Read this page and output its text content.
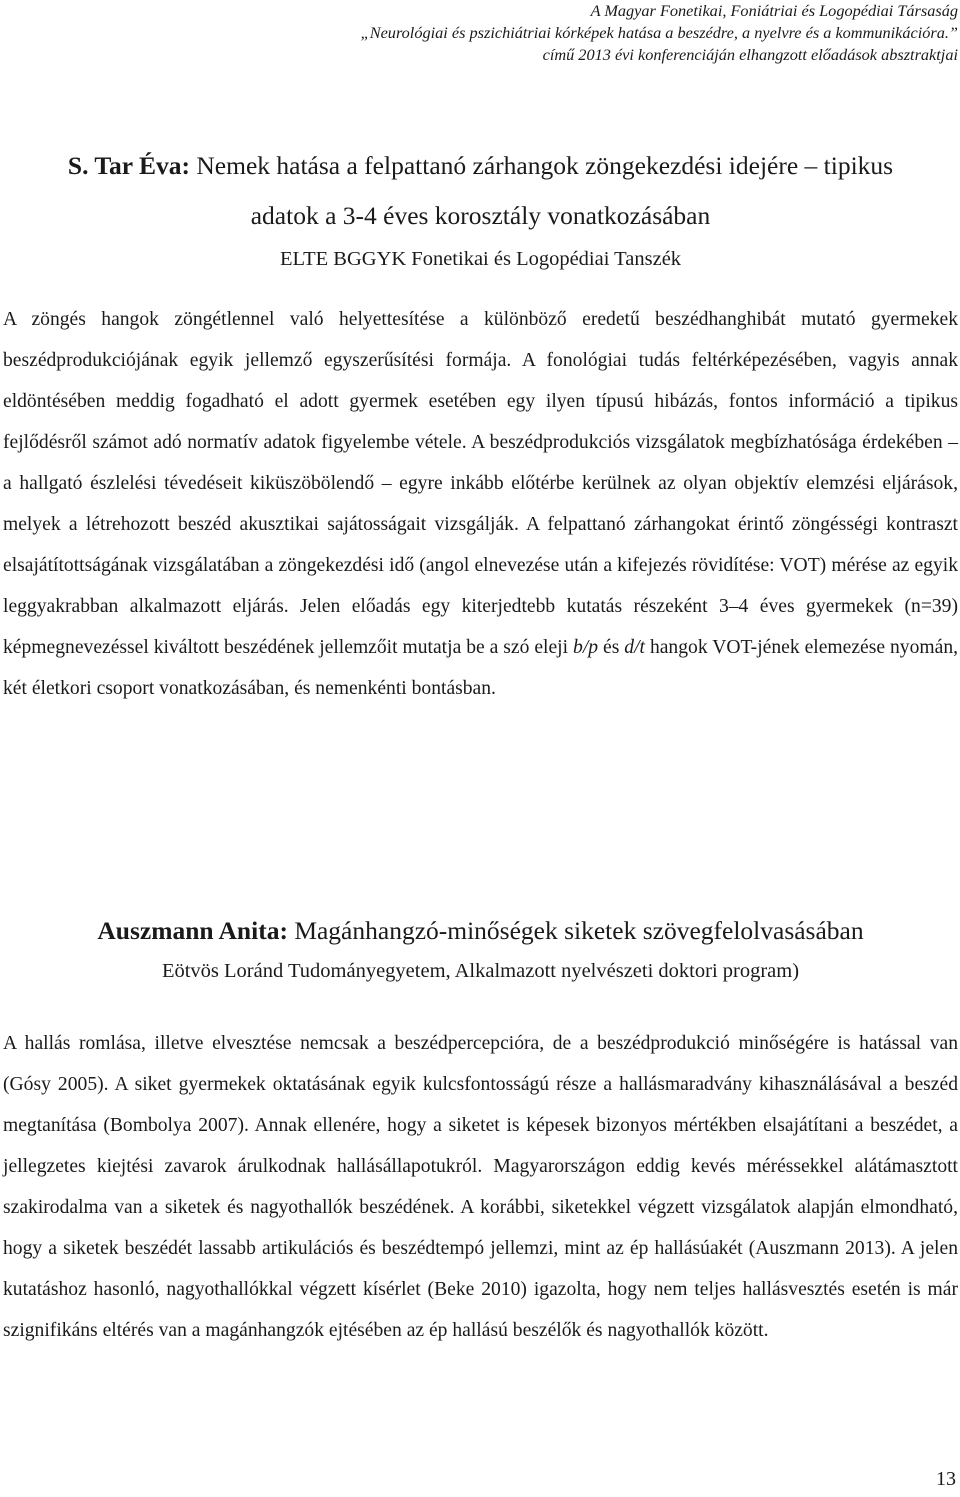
A Magyar Fonetikai, Foniátriai és Logopédiai Társaság
„Neurológiai és pszichiátriai kórképek hatása a beszédre, a nyelvre és a kommunikációra.”
című 2013 évi konferenciáján elhangzott előadások absztraktjai
S. Tar Éva: Nemek hatása a felpattanó zárhangok zöngekezdési idejére – tipikus
adatok a 3-4 éves korosztály vonatkozásában
ELTE BGGYK Fonetikai és Logopédiai Tanszék

A zöngés hangok zöngétlennel való helyettesítése a különböző eredetű beszédhanghibát mutató gyermekek beszédprodukciójának egyik jellemző egyszerűsítési formája. A fonológiai tudás feltérképezésében, vagyis annak eldöntésében meddig fogadható el adott gyermek esetében egy ilyen típusú hibázás, fontos információ a tipikus fejlődésről számot adó normatív adatok figyelembe vétele. A beszédprodukciós vizsgálatok megbízhatósága érdekében – a hallgató észlelési tévedéseit kiküszöbölendő – egyre inkább előtérbe kerülnek az olyan objektív elemzési eljárások, melyek a létrehozott beszéd akusztikai sajátosságait vizsgálják. A felpattanó zárhangokat érintő zöngésségi kontraszt elsajátítottságának vizsgálatában a zöngekezdési idő (angol elnevezése után a kifejezés rövidítése: VOT) mérése az egyik leggyakrabban alkalmazott eljárás. Jelen előadás egy kiterjedtebb kutatás részeként 3–4 éves gyermekek (n=39) képmegnevezéssel kiváltott beszédének jellemzőit mutatja be a szó eleji b/p és d/t hangok VOT-jének elemezése nyomán, két életkori csoport vonatkozásában, és nemenkénti bontásban.

Auszmann Anita: Magánhangzó-minőségek siketek szövegfelolvasásában
Eötvös Loránd Tudományegyetem, Alkalmazott nyelvészeti doktori program)

A hallás romlása, illetve elvesztése nemcsak a beszédpercepcióra, de a beszédprodukció minőségére is hatással van (Gósy 2005). A siket gyermekek oktatásának egyik kulcsfontosságú része a hallásmaradvány kihasználásával a beszéd megtanítása (Bombolya 2007). Annak ellenére, hogy a siketet is képesek bizonyos mértékben elsajátítani a beszédet, a jellegzetes kiejtési zavarok árulkodnak hallásállapotukról. Magyarországon eddig kevés méréssekkel alátámasztott szakirodalma van a siketek és nagyothallók beszédének. A korábbi, siketekkel végzett vizsgálatok alapján elmondható, hogy a siketek beszédét lassabb artikulációs és beszédtempó jellemzi, mint az ép hallásúakét (Auszmann 2013). A jelen kutatáshoz hasonló, nagyothallókkal végzett kísérlet (Beke 2010) igazolta, hogy nem teljes hallásvesztés esetén is már szignifikáns eltérés van a magánhangzók ejtésében az ép hallású beszélők és nagyothallók között.

13
